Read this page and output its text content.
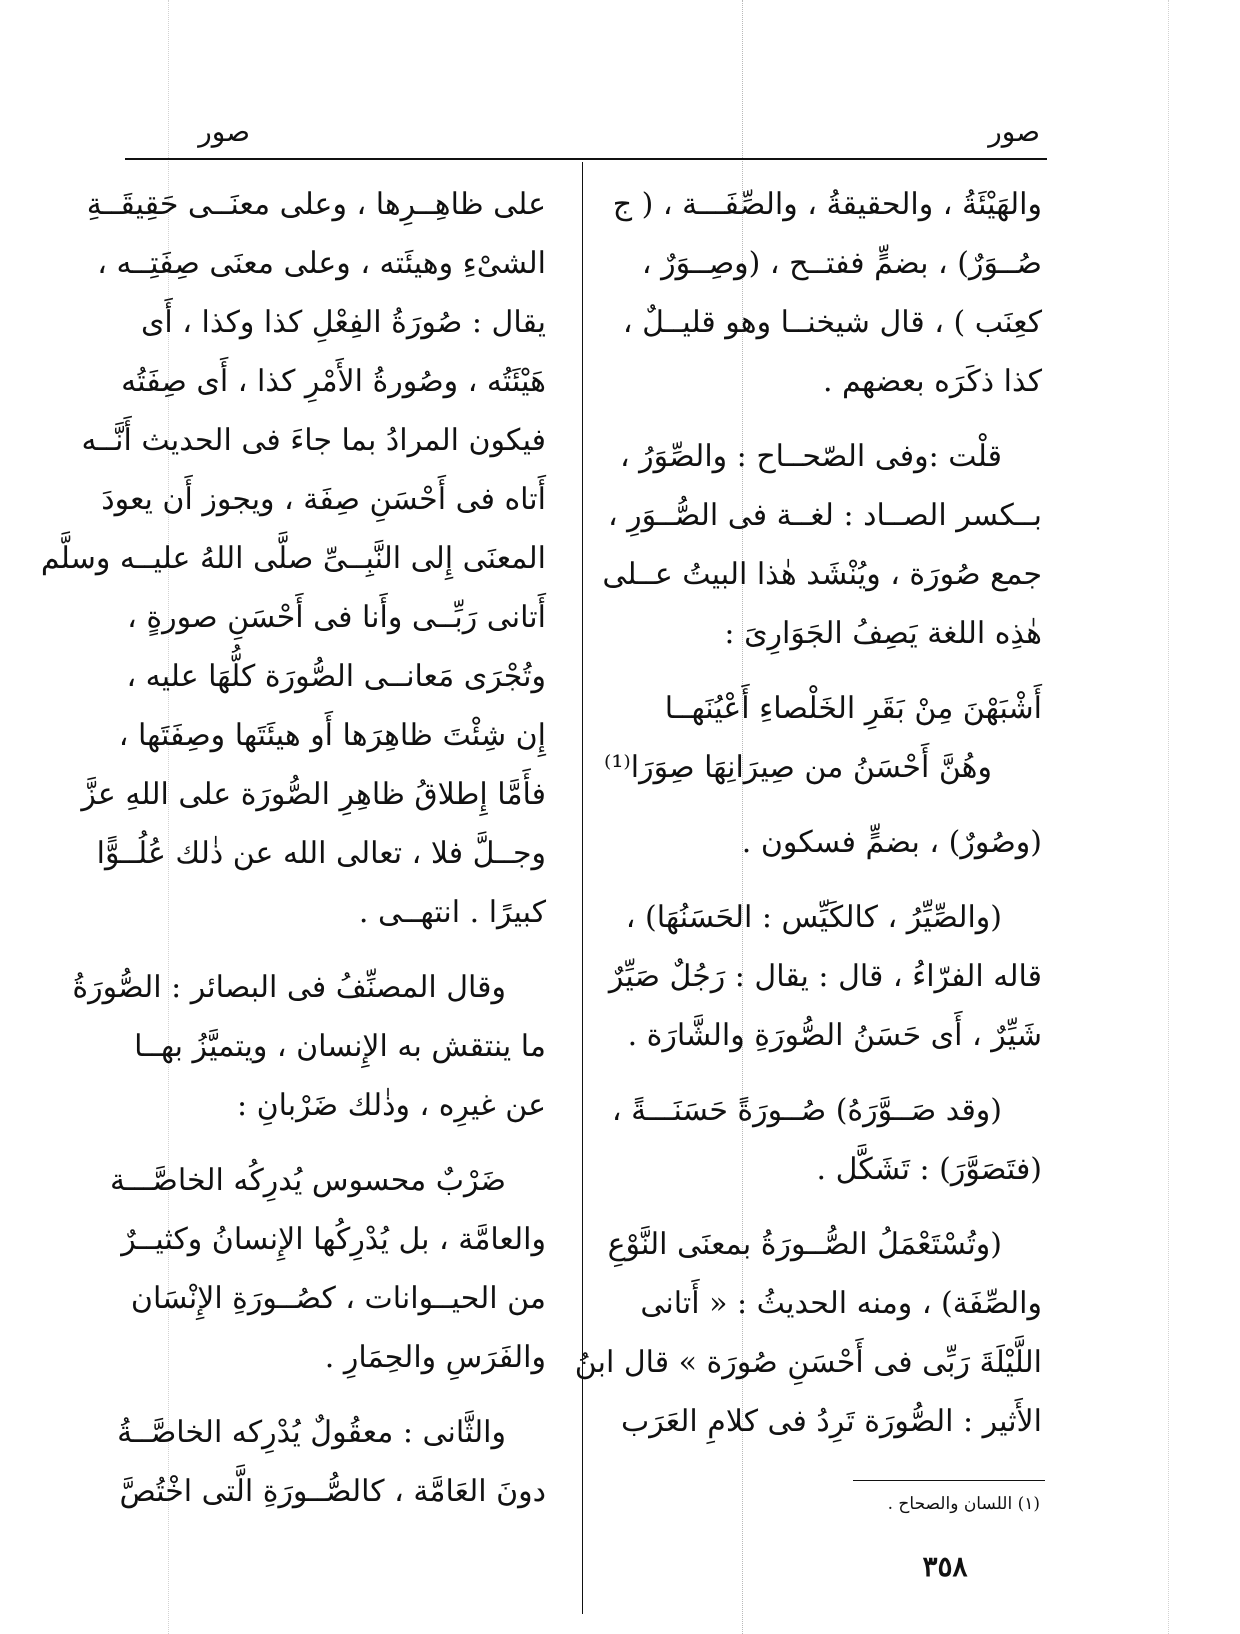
صور
صور
والهَيْئَةُ ، والحقيقةُ ، والصِّفَـــة ، ( ج
صُــوَرٌ) ، بضمٍّ ففتــح ، (وصِــوَرٌ ،
كعِنَب ) ، قال شيخنــا وهو قليــلٌ ،
كذا ذكَرَه بعضهم .
قلْت :وفى الصّحــاح : والصِّوَرُ ،
بــكسر الصــاد : لغــة فى الصُّــوَرِ ،
جمع صُورَة ، ويُنْشَد هٰذا البيتُ عــلى
هٰذِه اللغة يَصِفُ الجَوَارِىَ :
أَشْبَهْنَ مِنْ بَقَرِ الخَلْصاءِ أَعْيُنَهــا
وهُنَّ أَحْسَنُ من صِيرَانِهَا صِوَرَا⁽¹⁾
(وصُورٌ) ، بضمٍّ فسكون .
(والصِّيِّرُ ، كالكَيِّس : الحَسَنُهَا) ،
قاله الفرّاءُ ، قال : يقال : رَجُلٌ صَيِّرٌ
شَيِّرٌ ، أَى حَسَنُ الصُّورَةِ والشَّارَة .
(وقد صَــوَّرَهُ) صُــورَةً حَسَنَـــةً ،
(فتَصَوَّرَ) : تَشَكَّل .
(وتُسْتَعْمَلُ الصُّــورَةُ بمعنَى النَّوْعِ
والصِّفَة) ، ومنه الحديثُ : « أَتانى
اللَّيْلَةَ رَبِّى فى أَحْسَنِ صُورَة » قال ابنُ
الأَثير : الصُّورَة تَرِدُ فى كلامِ العَرَب
على ظاهِــرِها ، وعلى معنَــى حَقِيقَــةِ
الشىْءِ وهيئَته ، وعلى معنَى صِفَتِــه ،
يقال : صُورَةُ الفِعْلِ كذا وكذا ، أَى
هَيْئَتُه ، وصُورةُ الأَمْرِ كذا ، أَى صِفَتُه
فيكون المرادُ بما جاءَ فى الحديث أَنَّــه
أَتاه فى أَحْسَنِ صِفَة ، ويجوز أَن يعودَ
المعنَى إِلى النَّبِــىِّ صلَّى اللهُ عليــه وسلَّم
أَتانى رَبِّــى وأَنا فى أَحْسَنِ صورةٍ ،
وتُجْرَى مَعانــى الصُّورَة كلُّهَا عليه ،
إِن شِئْتَ ظاهِرَها أَو هيئَتَها وصِفَتَها ،
فأَمَّا إِطلاقُ ظاهِرِ الصُّورَة على اللهِ عزَّ
وجــلَّ فلا ، تعالى الله عن ذٰلك عُلُــوًّا
كبيرًا . انتهــى .
وقال المصنِّفُ فى البصائر : الصُّورَةُ
ما ينتقش به الإِنسان ، ويتميَّزُ بهــا
عن غيرِه ، وذٰلك ضَرْبانِ :
ضَرْبٌ محسوس يُدرِكُه الخاصَّـــة
والعامَّة ، بل يُدْرِكُها الإِنسانُ وكثيــرٌ
من الحيــوانات ، كصُــورَةِ الإِنْسَان
والفَرَسِ والحِمَارِ .
والثَّانى : معقُولٌ يُدْرِكه الخاصَّــةُ
دونَ العَامَّة ، كالصُّــورَةِ الَّتى اخْتُصَّ	(١) اللسان والصحاح .
٣٥٨
